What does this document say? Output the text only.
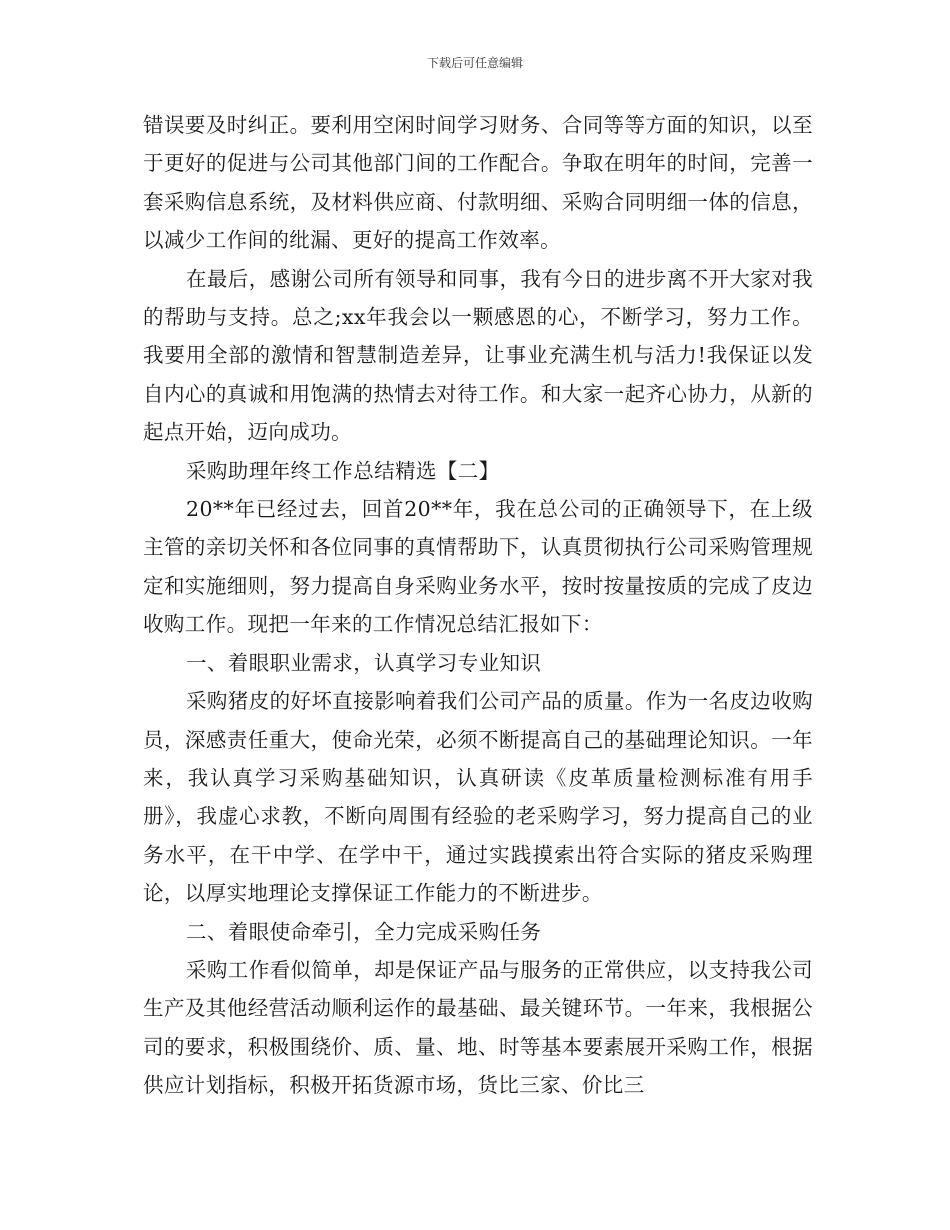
下载后可任意编辑

错误要及时纠正。要利用空闲时间学习财务、合同等等方面的知识，以至于更好的促进与公司其他部门间的工作配合。争取在明年的时间，完善一套采购信息系统，及材料供应商、付款明细、采购合同明细一体的信息，以减少工作间的纰漏、更好的提高工作效率。

在最后，感谢公司所有领导和同事，我有今日的进步离不开大家对我的帮助与支持。总之;xx年我会以一颗感恩的心，不断学习，努力工作。我要用全部的激情和智慧制造差异，让事业充满生机与活力!我保证以发自内心的真诚和用饱满的热情去对待工作。和大家一起齐心协力，从新的起点开始，迈向成功。

采购助理年终工作总结精选【二】

20**年已经过去，回首20**年，我在总公司的正确领导下，在上级主管的亲切关怀和各位同事的真情帮助下，认真贯彻执行公司采购管理规定和实施细则，努力提高自身采购业务水平，按时按量按质的完成了皮边收购工作。现把一年来的工作情况总结汇报如下：

一、着眼职业需求，认真学习专业知识

采购猪皮的好坏直接影响着我们公司产品的质量。作为一名皮边收购员，深感责任重大，使命光荣，必须不断提高自己的基础理论知识。一年来，我认真学习采购基础知识，认真研读《皮革质量检测标准有用手册》，我虚心求教，不断向周围有经验的老采购学习，努力提高自己的业务水平，在干中学、在学中干，通过实践摸索出符合实际的猪皮采购理论，以厚实地理论支撑保证工作能力的不断进步。

二、着眼使命牵引，全力完成采购任务

采购工作看似简单，却是保证产品与服务的正常供应，以支持我公司生产及其他经营活动顺利运作的最基础、最关键环节。一年来，我根据公司的要求，积极围绕价、质、量、地、时等基本要素展开采购工作，根据供应计划指标，积极开拓货源市场，货比三家、价比三
